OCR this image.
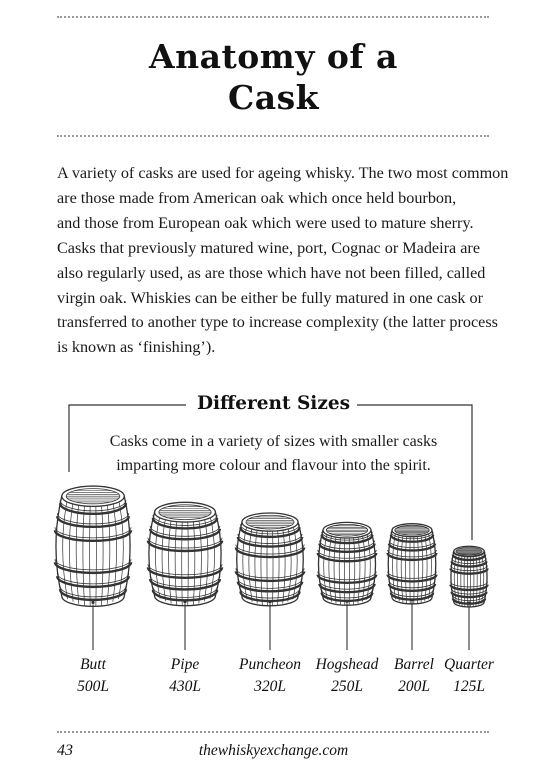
Anatomy of a
Cask
A variety of casks are used for ageing whisky. The two most common
are those made from American oak which once held bourbon,
and those from European oak which were used to mature sherry.
Casks that previously matured wine, port, Cognac or Madeira are
also regularly used, as are those which have not been filled, called
virgin oak. Whiskies can be either be fully matured in one cask or
transferred to another type to increase complexity (the latter process
is known as ‘finishing’).
Different Sizes
Casks come in a variety of sizes with smaller casks
imparting more colour and flavour into the spirit.
Butt
500L
Pipe
430L
Puncheon
320L
Hogshead
250L
Barrel
200L
Quarter
125L
43	thewhiskyexchange.com
